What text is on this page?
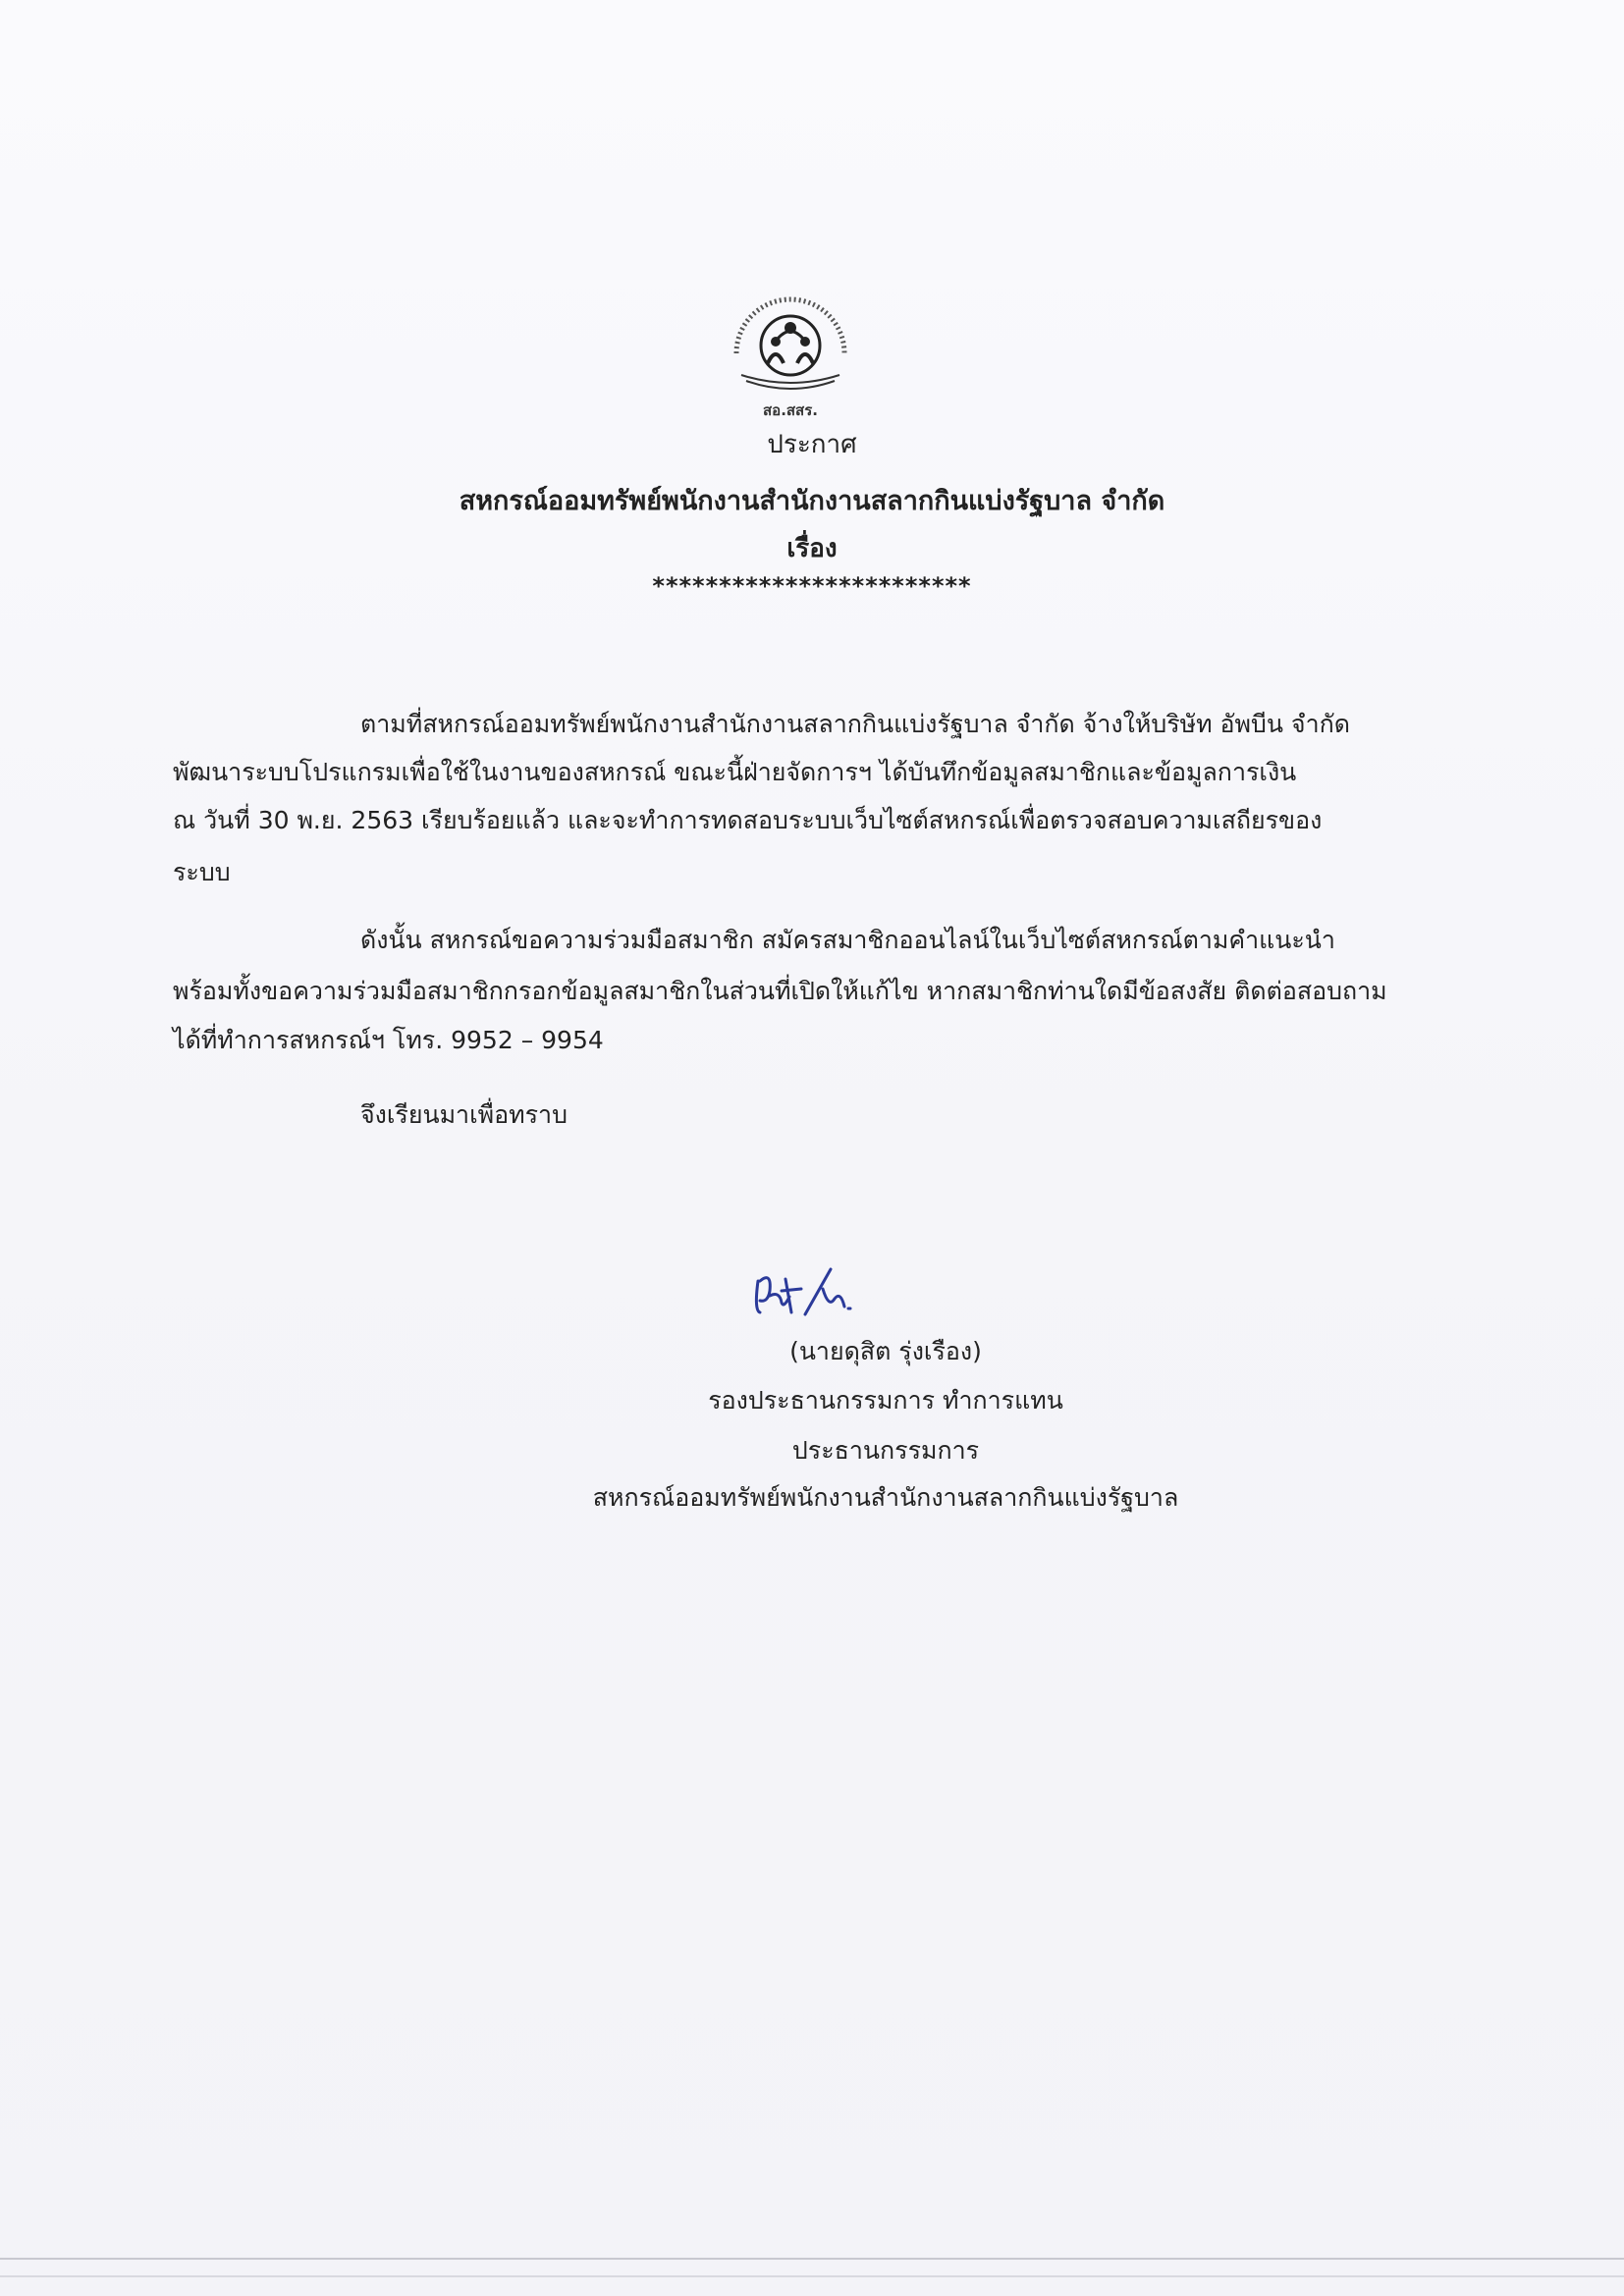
สอ.สสร.
ประกาศ
สหกรณ์ออมทรัพย์พนักงานสำนักงานสลากกินแบ่งรัฐบาล จำกัด
เรื่อง
************************
ตามที่สหกรณ์ออมทรัพย์พนักงานสำนักงานสลากกินแบ่งรัฐบาล จำกัด จ้างให้บริษัท อัพบีน จำกัด
พัฒนาระบบโปรแกรมเพื่อใช้ในงานของสหกรณ์ ขณะนี้ฝ่ายจัดการฯ ได้บันทึกข้อมูลสมาชิกและข้อมูลการเงิน
ณ วันที่ 30 พ.ย. 2563 เรียบร้อยแล้ว และจะทำการทดสอบระบบเว็บไซต์สหกรณ์เพื่อตรวจสอบความเสถียรของ
ระบบ
ดังนั้น สหกรณ์ขอความร่วมมือสมาชิก สมัครสมาชิกออนไลน์ในเว็บไซต์สหกรณ์ตามคำแนะนำ
พร้อมทั้งขอความร่วมมือสมาชิกกรอกข้อมูลสมาชิกในส่วนที่เปิดให้แก้ไข หากสมาชิกท่านใดมีข้อสงสัย ติดต่อสอบถาม
ได้ที่ทำการสหกรณ์ฯ โทร. 9952 – 9954
จึงเรียนมาเพื่อทราบ
(นายดุสิต รุ่งเรือง)
รองประธานกรรมการ ทำการแทน
ประธานกรรมการ
สหกรณ์ออมทรัพย์พนักงานสำนักงานสลากกินแบ่งรัฐบาล
